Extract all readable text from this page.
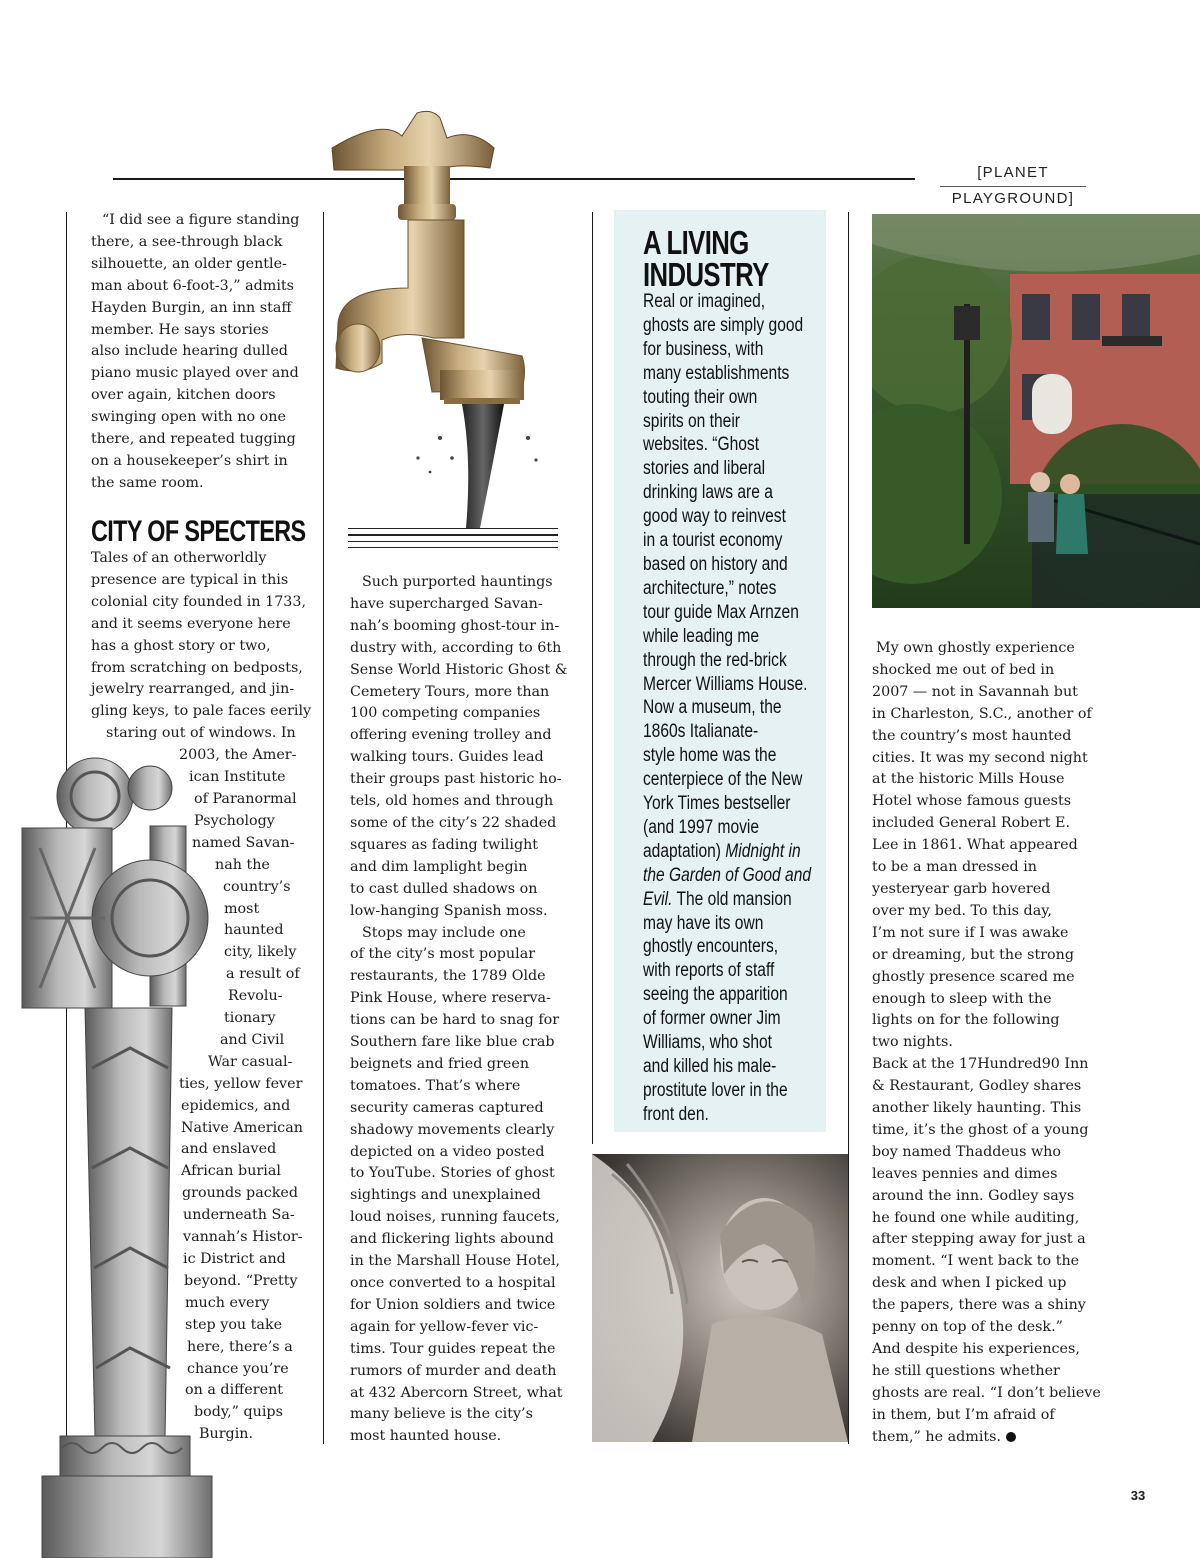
[PLANET PLAYGROUND]
“I did see a figure standing
there, a see-through black
silhouette, an older gentle-
man about 6-foot-3,” admits
Hayden Burgin, an inn staff
member. He says stories
also include hearing dulled
piano music played over and
over again, kitchen doors
swinging open with no one
there, and repeated tugging
on a housekeeper’s shirt in
the same room.
CITY OF SPECTERS
Tales of an otherworldly
presence are typical in this
colonial city founded in 1733,
and it seems everyone here
has a ghost story or two,
from scratching on bedposts,
jewelry rearranged, and jin-
gling keys, to pale faces eerily
staring out of windows. In
2003, the Amer-
ican Institute
of Paranormal
Psychology
named Savan-
nah the
country’s
most
haunted
city, likely
a result of
Revolu-
tionary
and Civil
War casual-
ties, yellow fever
epidemics, and
Native American
and enslaved
African burial
grounds packed
underneath Sa-
vannah’s Histor-
ic District and
beyond. “Pretty
much every
step you take
here, there’s a
chance you’re
on a different
body,” quips
Burgin.
Such purported hauntings
have supercharged Savan-
nah’s booming ghost-tour in-
dustry with, according to 6th
Sense World Historic Ghost &
Cemetery Tours, more than
100 competing companies
offering evening trolley and
walking tours. Guides lead
their groups past historic ho-
tels, old homes and through
some of the city’s 22 shaded
squares as fading twilight
and dim lamplight begin
to cast dulled shadows on
low-hanging Spanish moss.
Stops may include one
of the city’s most popular
restaurants, the 1789 Olde
Pink House, where reserva-
tions can be hard to snag for
Southern fare like blue crab
beignets and fried green
tomatoes. That’s where
security cameras captured
shadowy movements clearly
depicted on a video posted
to YouTube. Stories of ghost
sightings and unexplained
loud noises, running faucets,
and flickering lights abound
in the Marshall House Hotel,
once converted to a hospital
for Union soldiers and twice
again for yellow-fever vic-
tims. Tour guides repeat the
rumors of murder and death
at 432 Abercorn Street, what
many believe is the city’s
most haunted house.
A LIVING
INDUSTRY
Real or imagined,
ghosts are simply good
for business, with
many establishments
touting their own
spirits on their
websites. “Ghost
stories and liberal
drinking laws are a
good way to reinvest
in a tourist economy
based on history and
architecture,” notes
tour guide Max Arnzen
while leading me
through the red-brick
Mercer Williams House.
Now a museum, the
1860s Italianate-
style home was the
centerpiece of the New
York Times bestseller
(and 1997 movie
adaptation) Midnight in
the Garden of Good and
Evil. The old mansion
may have its own
ghostly encounters,
with reports of staff
seeing the apparition
of former owner Jim
Williams, who shot
and killed his male-
prostitute lover in the
front den.
My own ghostly experience
shocked me out of bed in
2007 — not in Savannah but
in Charleston, S.C., another of
the country’s most haunted
cities. It was my second night
at the historic Mills House
Hotel whose famous guests
included General Robert E.
Lee in 1861. What appeared
to be a man dressed in
yesteryear garb hovered
over my bed. To this day,
I’m not sure if I was awake
or dreaming, but the strong
ghostly presence scared me
enough to sleep with the
lights on for the following
two nights.
Back at the 17Hundred90 Inn
& Restaurant, Godley shares
another likely haunting. This
time, it’s the ghost of a young
boy named Thaddeus who
leaves pennies and dimes
around the inn. Godley says
he found one while auditing,
after stepping away for just a
moment. “I went back to the
desk and when I picked up
the papers, there was a shiny
penny on top of the desk.”
And despite his experiences,
he still questions whether
ghosts are real. “I don’t believe
in them, but I’m afraid of
them,” he admits.
33
